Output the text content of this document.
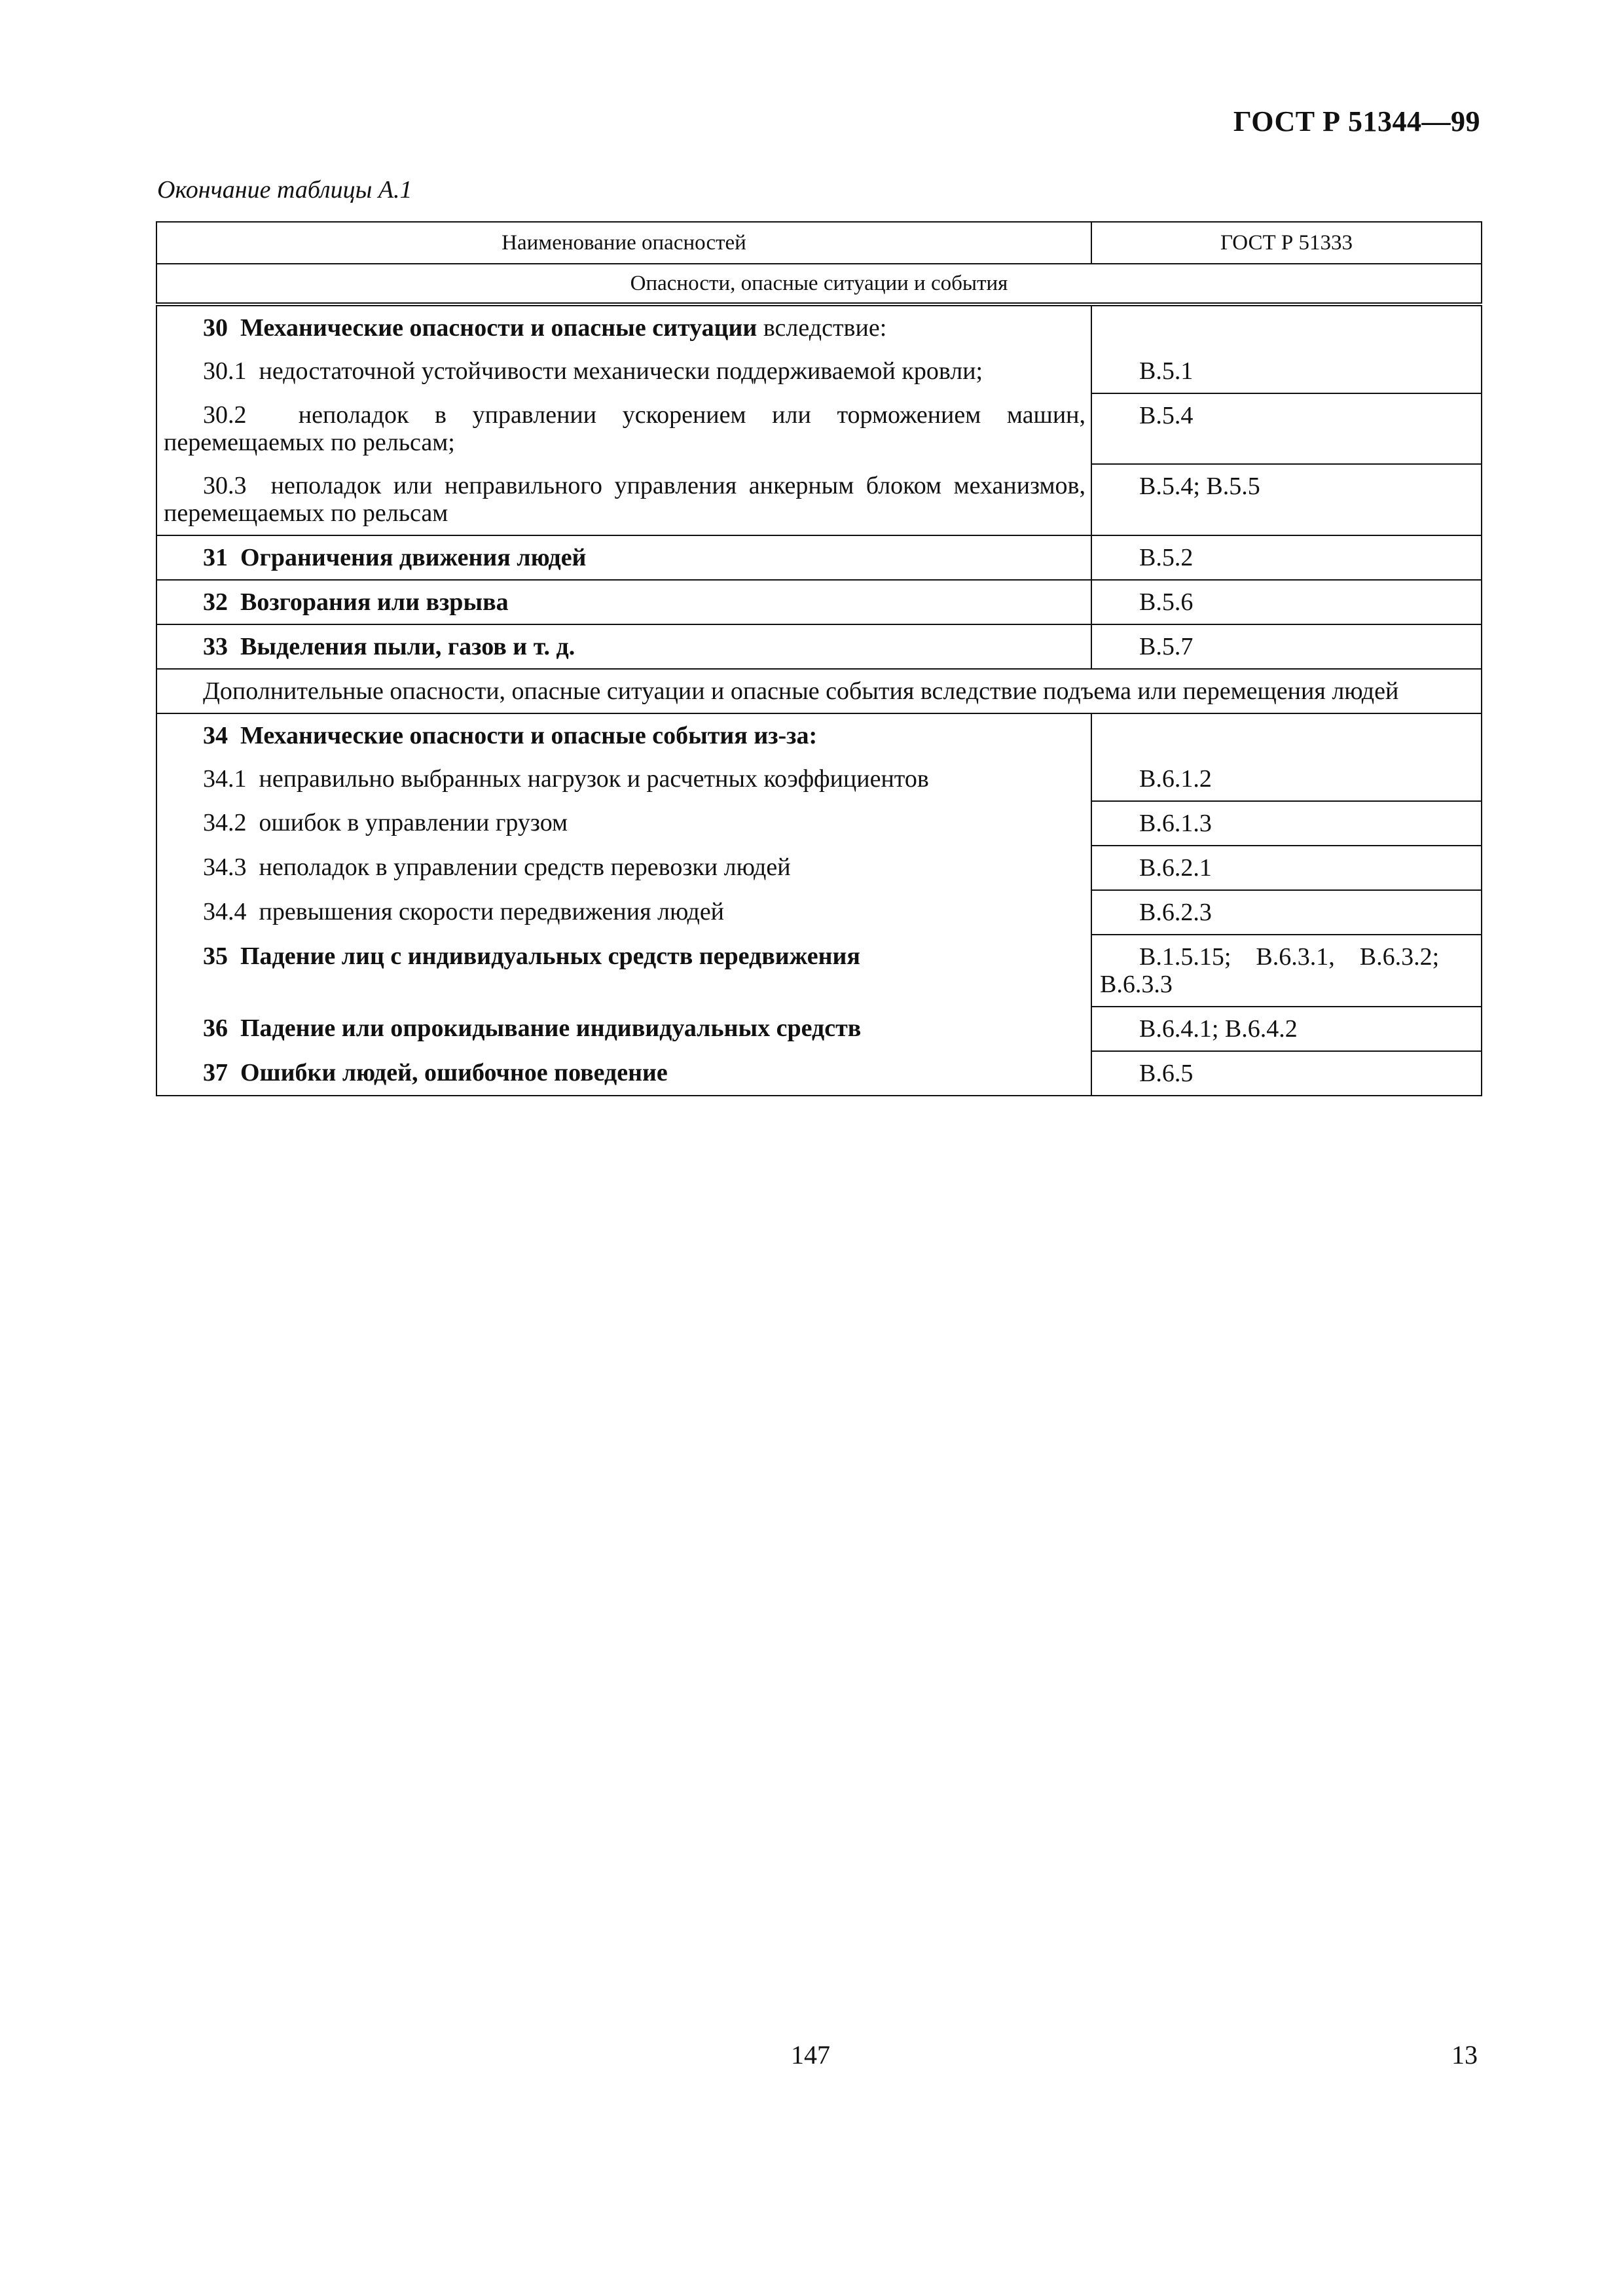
ГОСТ Р 51344—99
Окончание таблицы А.1
Наименование опасностей	ГОСТ Р 51333
Опасности, опасные ситуации и события	

30 Механические опасности и опасные ситуации вследствие:	

30.1 недостаточной устойчивости механически поддерживаемой кровли;	В.5.1

30.2 неполадок в управлении ускорением или торможением машин, перемещаемых по рельсам;	В.5.4

30.3 неполадок или неправильного управления анкерным блоком механизмов, перемещаемых по рельсам	В.5.4; В.5.5

31 Ограничения движения людей	В.5.2

32 Возгорания или взрыва	В.5.6

33 Выделения пыли, газов и т. д.	В.5.7

Дополнительные опасности, опасные ситуации и опасные события вследствие подъема или перемещения людей	

34 Механические опасности и опасные события из-за:	

34.1 неправильно выбранных нагрузок и расчетных коэффициентов	В.6.1.2

34.2 ошибок в управлении грузом	В.6.1.3

34.3 неполадок в управлении средств перевозки людей	В.6.2.1

34.4 превышения скорости передвижения людей	В.6.2.3

35 Падение лиц с индивидуальных средств передвижения	В.1.5.15;    В.6.3.1,    В.6.3.2;
В.6.3.3

36 Падение или опрокидывание индивидуальных средств	В.6.4.1; В.6.4.2

37 Ошибки людей, ошибочное поведение	В.6.5
147	13
